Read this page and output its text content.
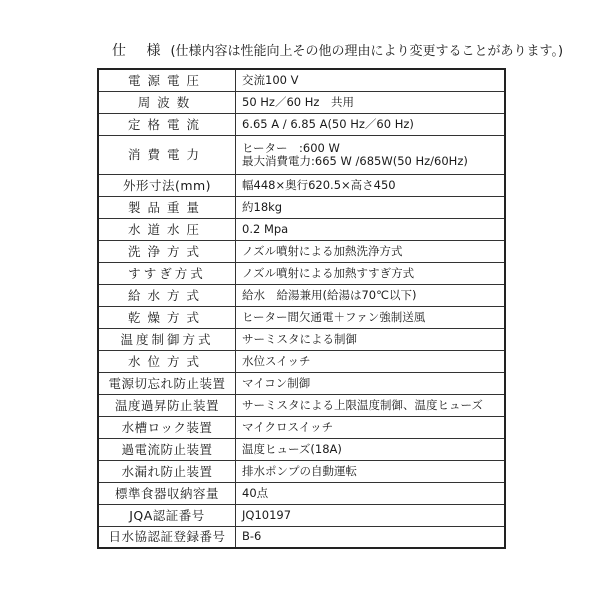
仕 様 (仕様内容は性能向上その他の理由により変更することがあります。)
電源電圧	交流100 V
周波数	50 Hz／60 Hz　共用
定格電流	6.65 A / 6.85 A(50 Hz／60 Hz)
消費電力	ヒーター　:600 W
最大消費電力:665 W /685W(50 Hz/60Hz)

外形寸法(mm)	幅448×奥行620.5×高さ450
製品重量	約18kg
水道水圧	0.2 Mpa
洗浄方式	ノズル噴射による加熱洗浄方式
すすぎ方式	ノズル噴射による加熱すすぎ方式
給水方式	給水　給湯兼用(給湯は70℃以下)
乾燥方式	ヒーター間欠通電＋ファン強制送風
温度制御方式	サーミスタによる制御
水位方式	水位スイッチ
電源切忘れ防止装置	マイコン制御
温度過昇防止装置	サーミスタによる上限温度制御、温度ヒューズ
水槽ロック装置	マイクロスイッチ
過電流防止装置	温度ヒューズ(18A)
水漏れ防止装置	排水ポンプの自動運転
標準食器収納容量	40点
JQA認証番号	JQ10197
日水協認証登録番号	B-6
